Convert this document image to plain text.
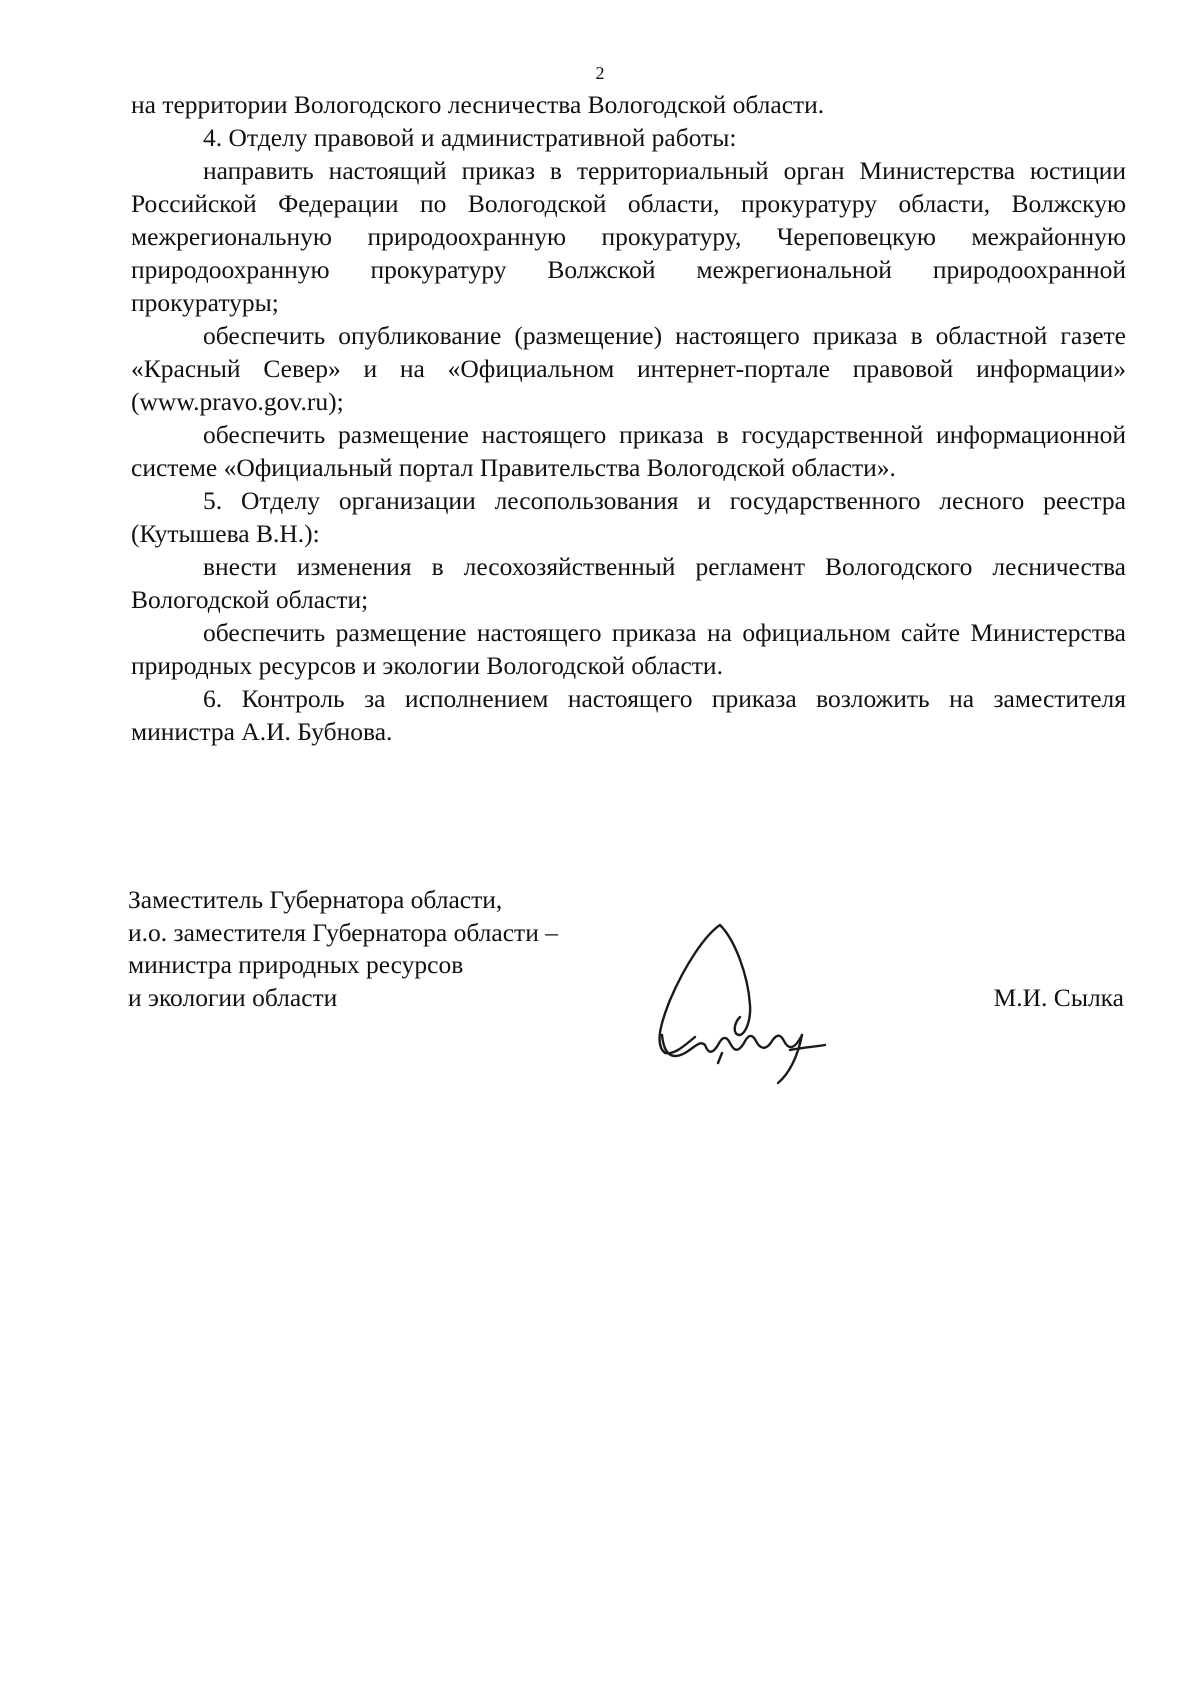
2

на территории Вологодского лесничества Вологодской области.

4. Отделу правовой и административной работы:

направить настоящий приказ в территориальный орган Министерства юстиции Российской Федерации по Вологодской области, прокуратуру области, Волжскую межрегиональную природоохранную прокуратуру, Череповецкую межрайонную природоохранную прокуратуру Волжской межрегиональной природоохранной прокуратуры;

обеспечить опубликование (размещение) настоящего приказа в областной газете «Красный Север» и на «Официальном интернет-портале правовой информации» (www.pravo.gov.ru);

обеспечить размещение настоящего приказа в государственной информационной системе «Официальный портал Правительства Вологодской области».

5. Отделу организации лесопользования и государственного лесного реестра (Кутышева В.Н.):

внести изменения в лесохозяйственный регламент Вологодского лесничества Вологодской области;

обеспечить размещение настоящего приказа на официальном сайте Министерства природных ресурсов и экологии Вологодской области.

6. Контроль за исполнением настоящего приказа возложить на заместителя министра А.И. Бубнова.

Заместитель Губернатора области,
и.о. заместителя Губернатора области –
министра природных ресурсов
и экологии области	М.И. Сылка
